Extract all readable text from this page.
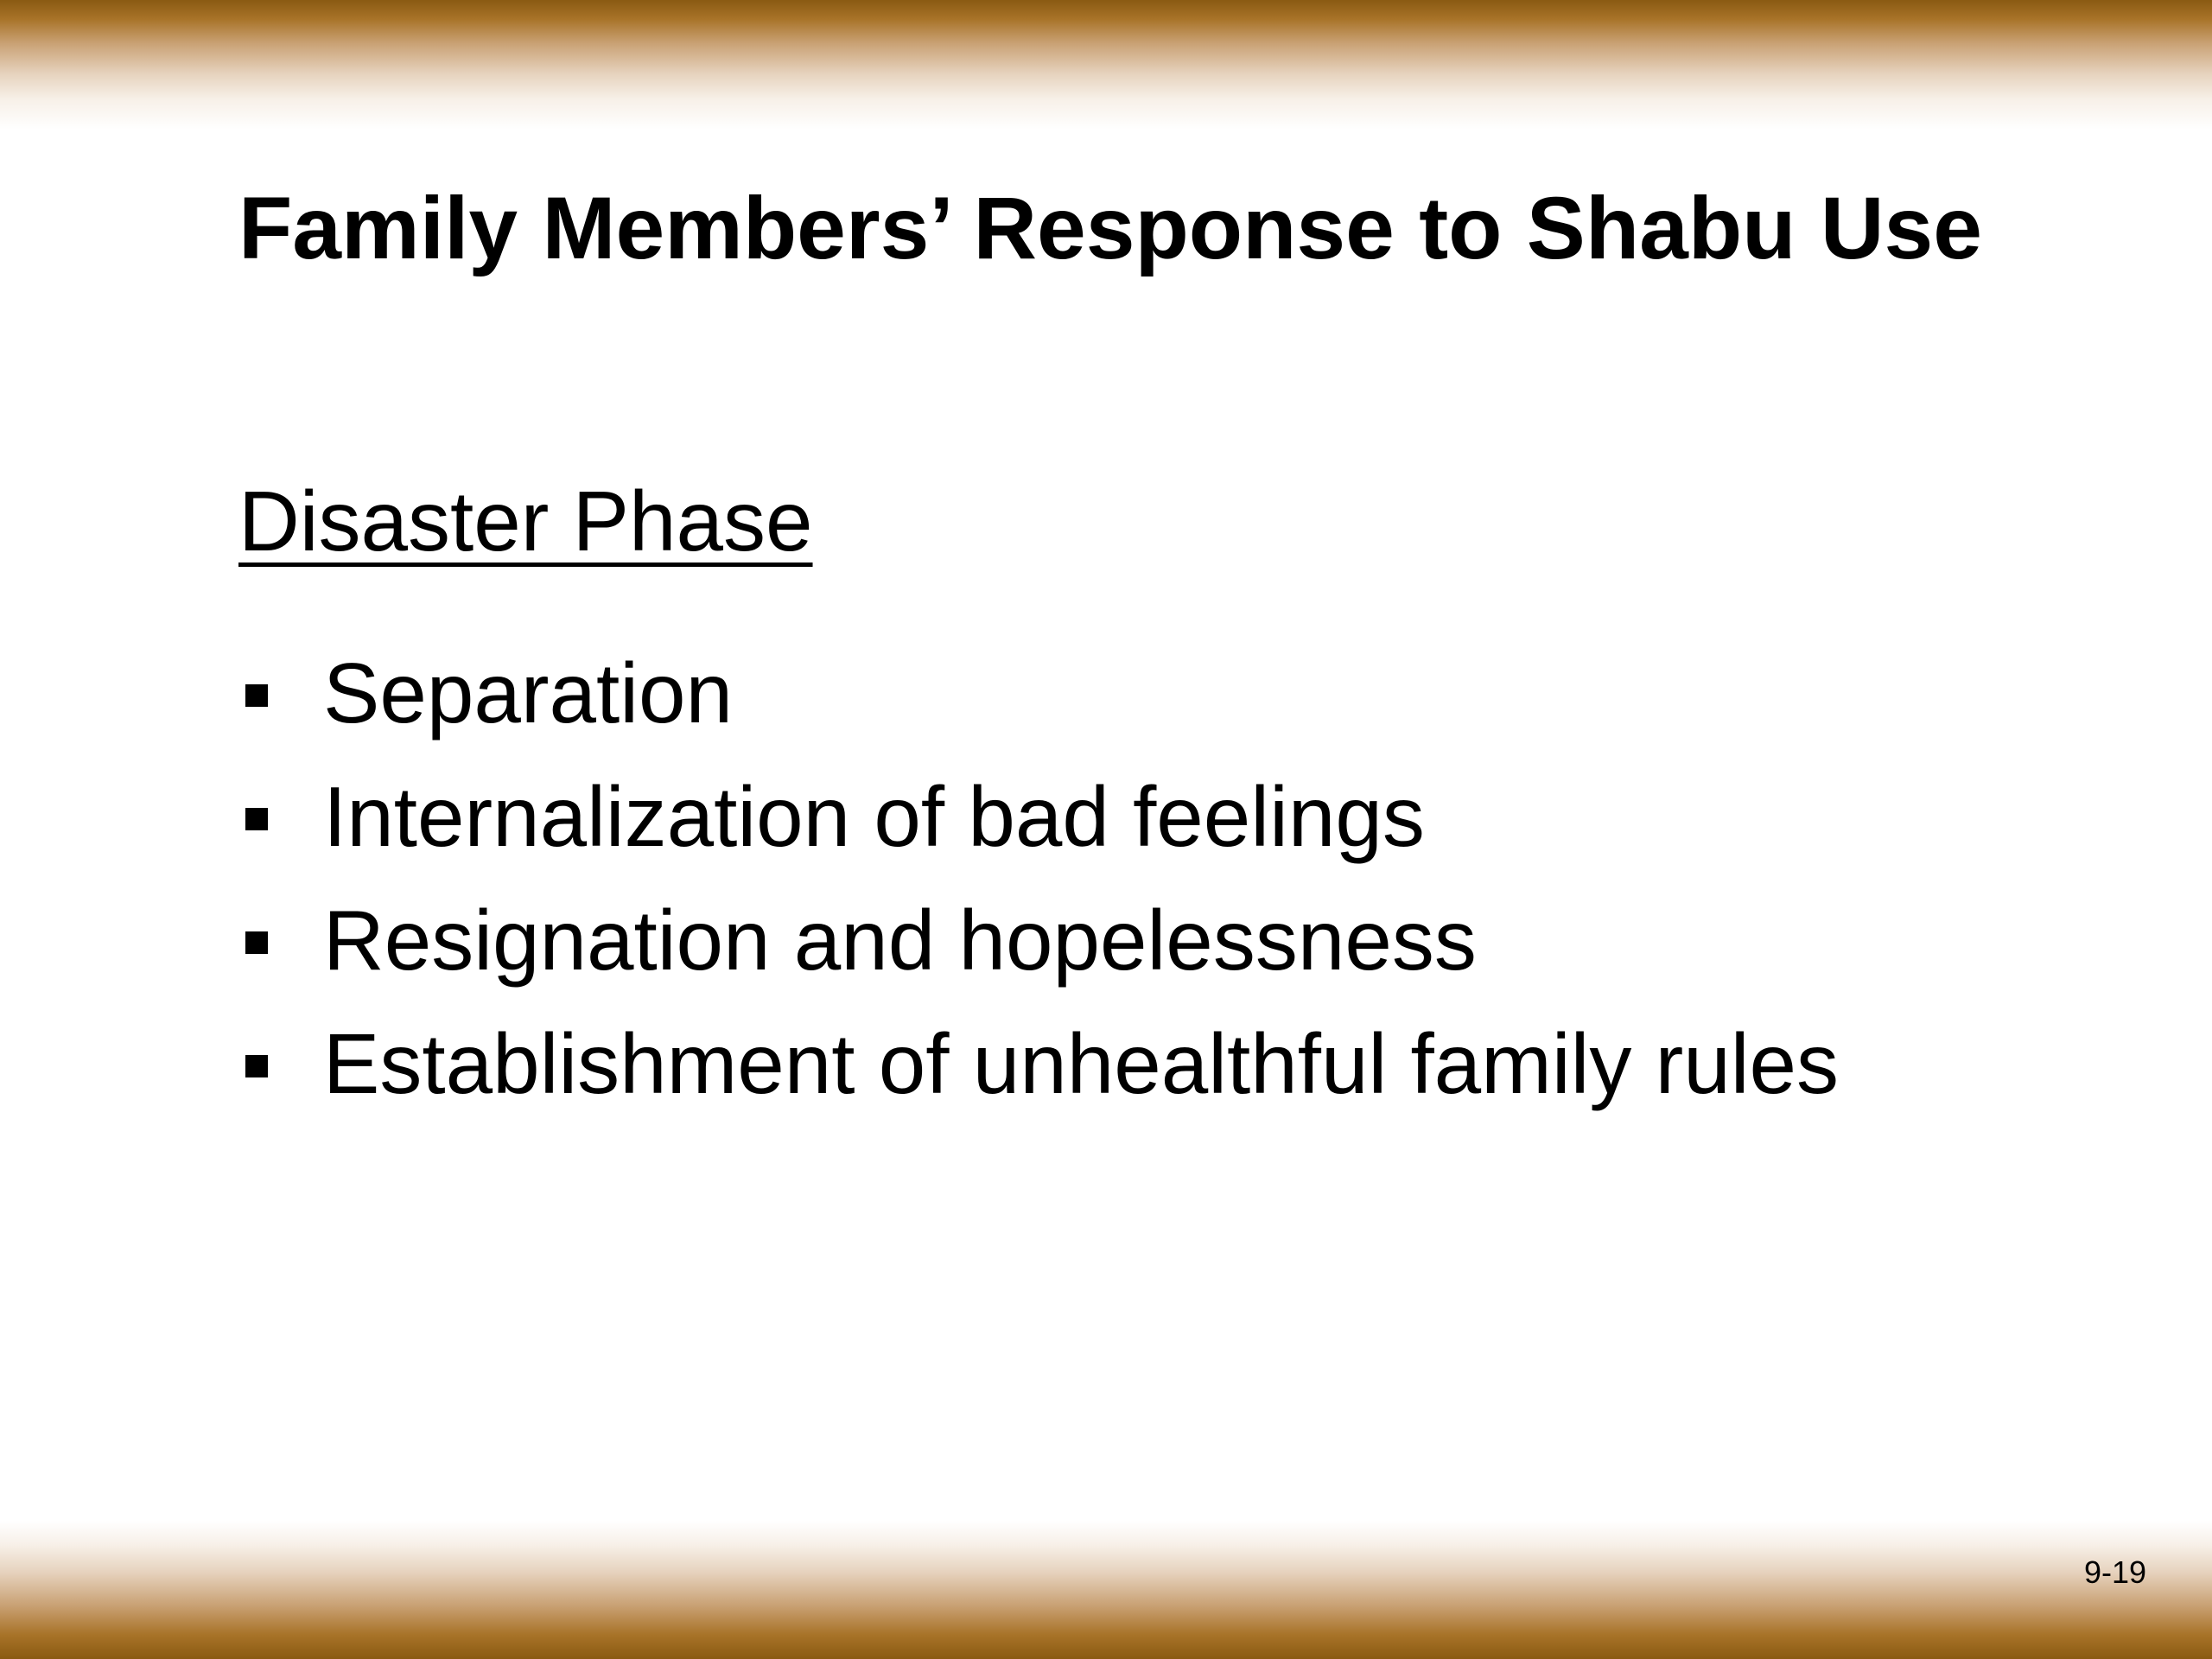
Family Members’ Response to Shabu Use

Disaster Phase

Separation
Internalization of bad feelings
Resignation and hopelessness
Establishment of unhealthful family rules
9-19
